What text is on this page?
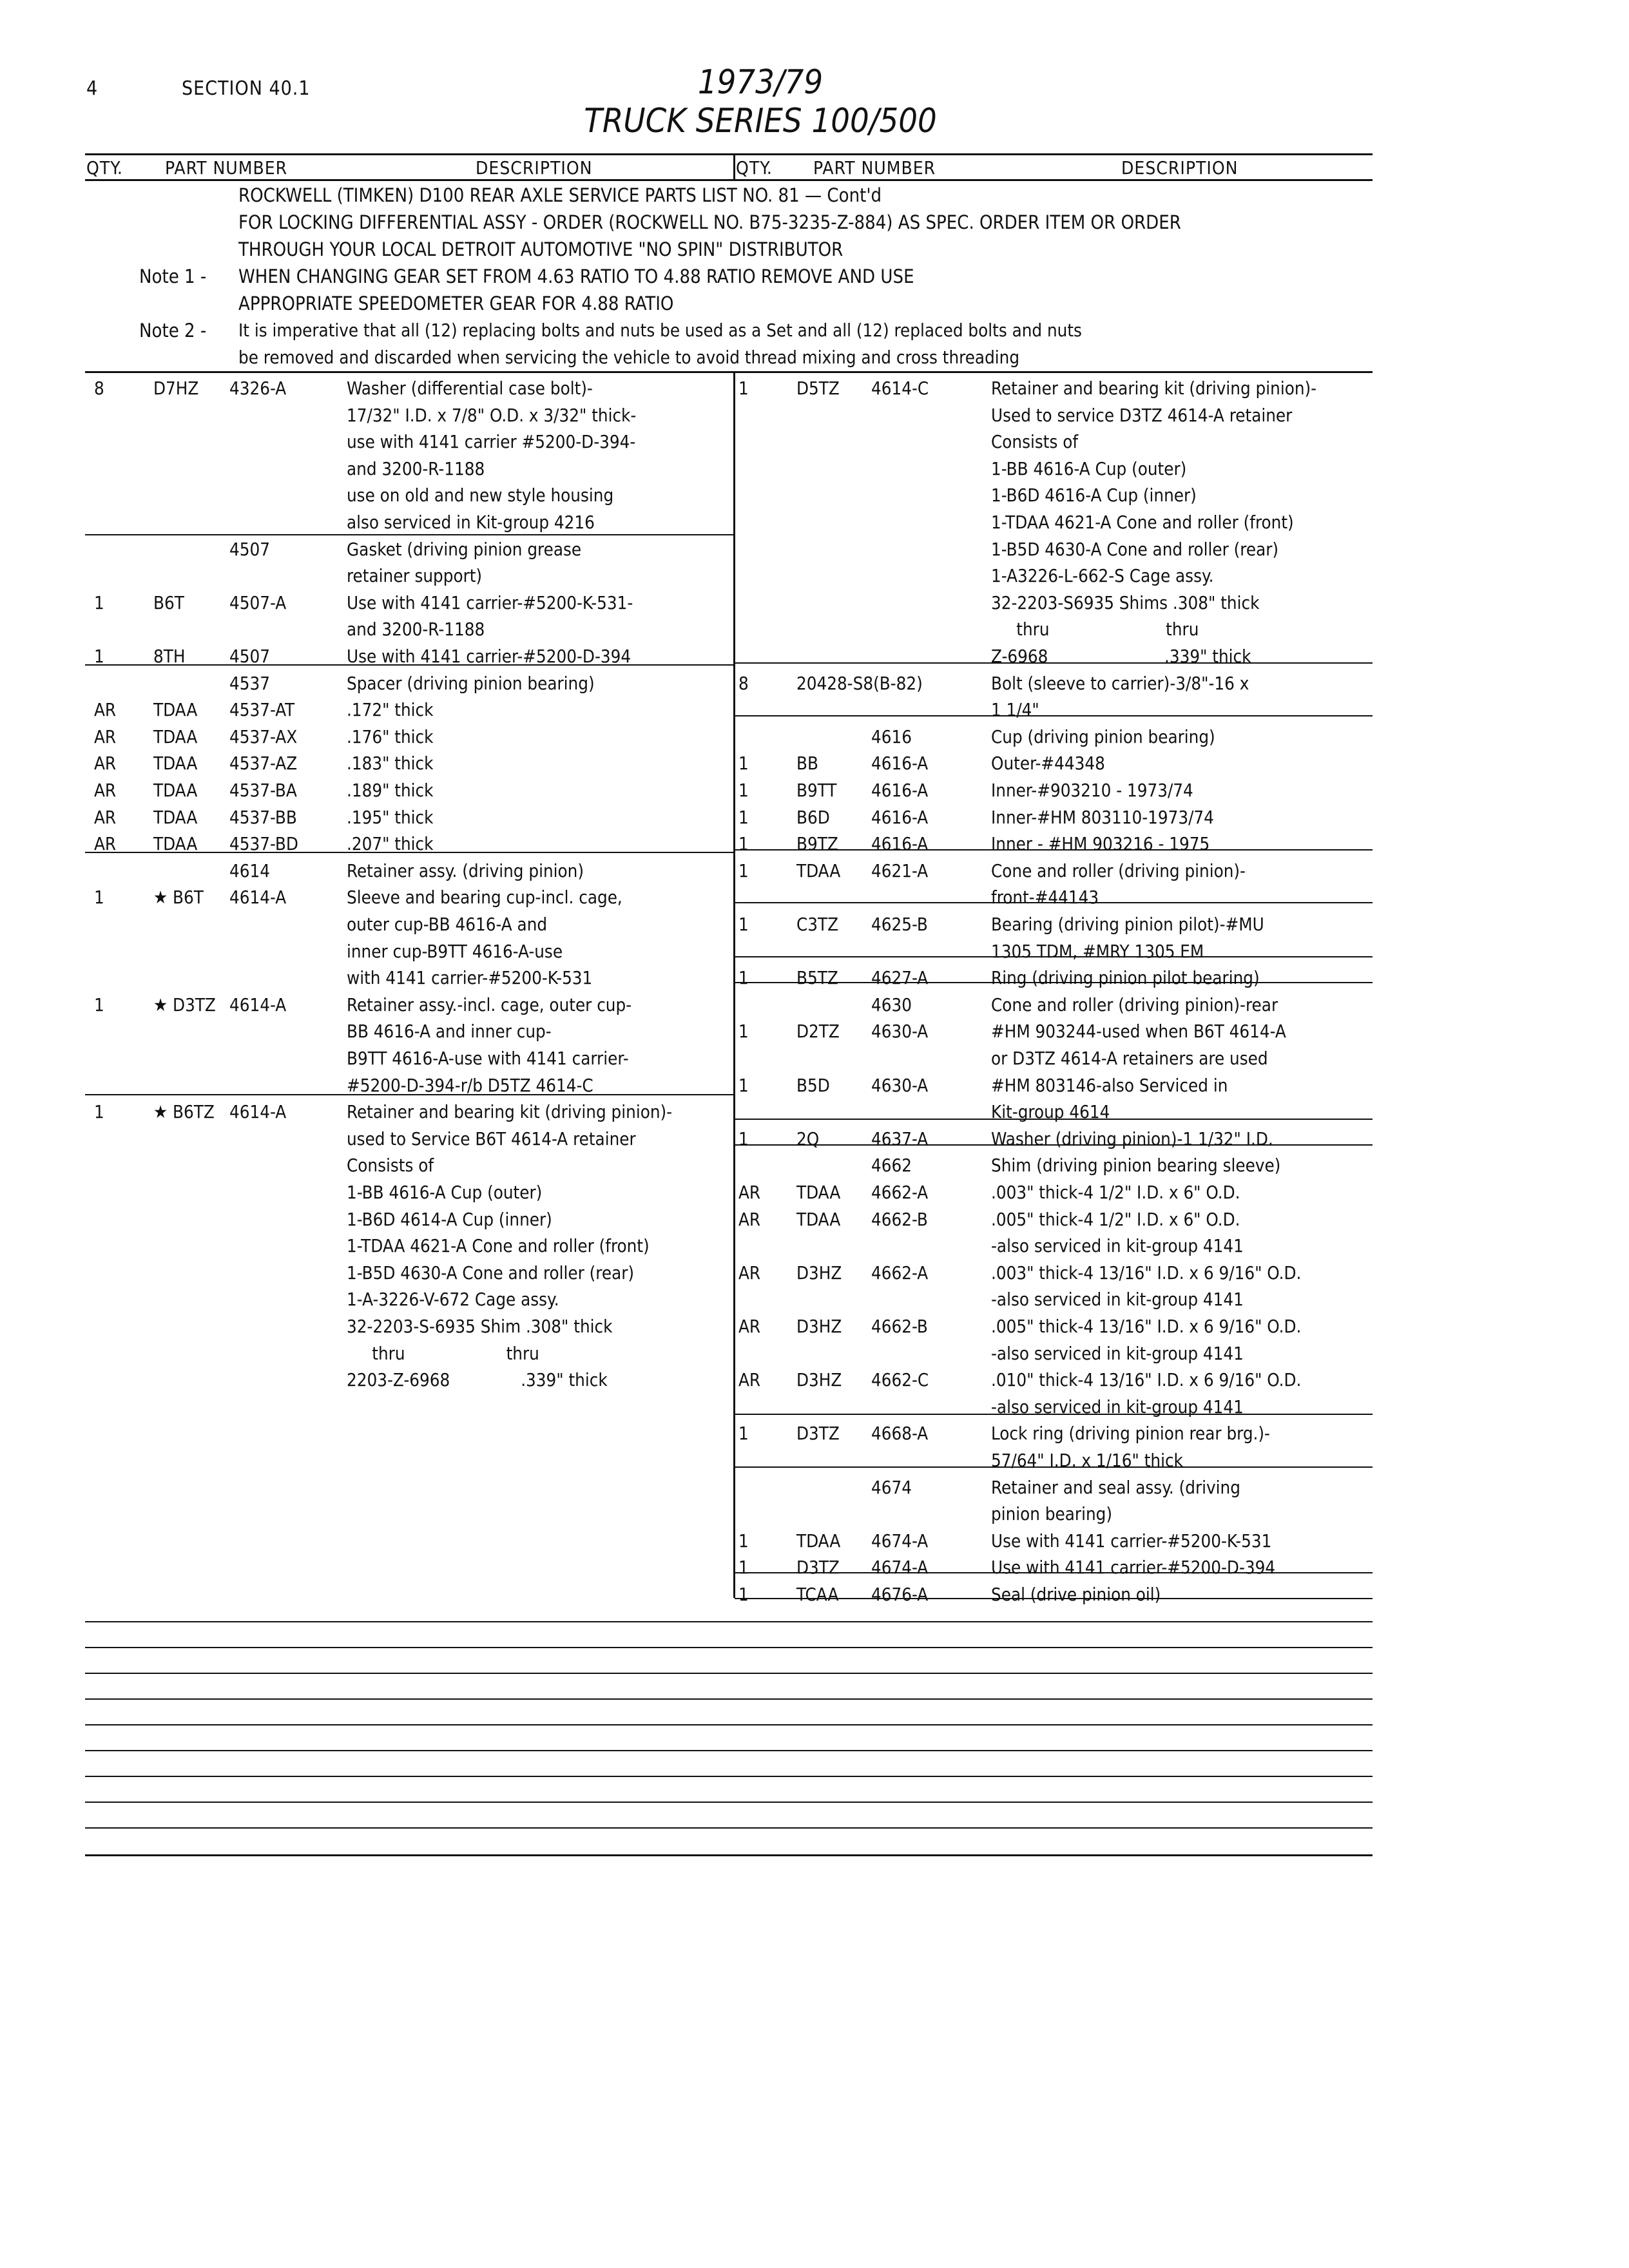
4	SECTION 40.1	1973/79
TRUCK SERIES 100/500
QTY. PART NUMBER	DESCRIPTION	QTY. PART NUMBER	DESCRIPTION
ROCKWELL (TIMKEN) D100 REAR AXLE SERVICE PARTS LIST NO. 81 — Cont'd
FOR LOCKING DIFFERENTIAL ASSY - ORDER (ROCKWELL NO. B75-3235-Z-884) AS SPEC. ORDER ITEM OR ORDER
THROUGH YOUR LOCAL DETROIT AUTOMOTIVE "NO SPIN" DISTRIBUTOR
Note 1 - WHEN CHANGING GEAR SET FROM 4.63 RATIO TO 4.88 RATIO REMOVE AND USE
APPROPRIATE SPEEDOMETER GEAR FOR 4.88 RATIO
Note 2 - It is imperative that all (12) replacing bolts and nuts be used as a Set and all (12) replaced bolts and nuts
be removed and discarded when servicing the vehicle to avoid thread mixing and cross threading
8	D7HZ 4326-A	Washer (differential case bolt)-
17/32" I.D. x 7/8" O.D. x 3/32" thick-
use with 4141 carrier #5200-D-394-
and 3200-R-1188
use on old and new style housing
also serviced in Kit-group 4216
4507	Gasket (driving pinion grease
retainer support)
1	B6T	4507-A	Use with 4141 carrier-#5200-K-531-
and 3200-R-1188
1	8TH 4507	Use with 4141 carrier-#5200-D-394
4537	Spacer (driving pinion bearing)
AR TDAA 4537-AT	.172" thick
AR TDAA 4537-AX	.176" thick
AR TDAA 4537-AZ	.183" thick
AR TDAA 4537-BA	.189" thick
AR TDAA 4537-BB	.195" thick
AR TDAA 4537-BD	.207" thick
4614	Retainer assy. (driving pinion)
1	★ B6T 4614-A	Sleeve and bearing cup-incl. cage,
outer cup-BB 4616-A and
inner cup-B9TT 4616-A-use
with 4141 carrier-#5200-K-531
1	★ D3TZ 4614-A	Retainer assy.-incl. cage, outer cup-
BB 4616-A and inner cup-
B9TT 4616-A-use with 4141 carrier-
#5200-D-394-r/b D5TZ 4614-C
1	★ B6TZ 4614-A	Retainer and bearing kit (driving pinion)-
used to Service B6T 4614-A retainer
Consists of
1-BB 4616-A Cup (outer)
1-B6D 4614-A Cup (inner)
1-TDAA 4621-A Cone and roller (front)
1-B5D 4630-A Cone and roller (rear)
1-A-3226-V-672 Cage assy.
32-2203-S-6935 Shim .308" thick
thru                    thru
2203-Z-6968              .339" thick
1	D5TZ 4614-C	Retainer and bearing kit (driving pinion)-
Used to service D3TZ 4614-A retainer
Consists of
1-BB 4616-A Cup (outer)
1-B6D 4616-A Cup (inner)
1-TDAA 4621-A Cone and roller (front)
1-B5D 4630-A Cone and roller (rear)
1-A3226-L-662-S Cage assy.
32-2203-S6935 Shims .308" thick
thru                       thru
Z-6968                       .339" thick
8	20428-S8(B-82)	Bolt (sleeve to carrier)-3/8"-16 x
1 1/4"
4616	Cup (driving pinion bearing)
1	BB	4616-A	Outer-#44348
1	B9TT 4616-A	Inner-#903210 - 1973/74
1	B6D 4616-A	Inner-#HM 803110-1973/74
1	B9TZ 4616-A	Inner - #HM 903216 - 1975
1	TDAA 4621-A	Cone and roller (driving pinion)-
front-#44143
1	C3TZ 4625-B	Bearing (driving pinion pilot)-#MU
1305 TDM, #MRY 1305 EM
1	B5TZ 4627-A	Ring (driving pinion pilot bearing)
4630	Cone and roller (driving pinion)-rear
1	D2TZ 4630-A	#HM 903244-used when B6T 4614-A
or D3TZ 4614-A retainers are used
1	B5D 4630-A	#HM 803146-also Serviced in
Kit-group 4614
1	2Q	4637-A	Washer (driving pinion)-1 1/32" I.D.
4662	Shim (driving pinion bearing sleeve)
AR TDAA 4662-A	.003" thick-4 1/2" I.D. x 6" O.D.
AR TDAA 4662-B	.005" thick-4 1/2" I.D. x 6" O.D.
-also serviced in kit-group 4141
AR D3HZ 4662-A	.003" thick-4 13/16" I.D. x 6 9/16" O.D.
-also serviced in kit-group 4141
AR D3HZ 4662-B	.005" thick-4 13/16" I.D. x 6 9/16" O.D.
-also serviced in kit-group 4141
AR D3HZ 4662-C	.010" thick-4 13/16" I.D. x 6 9/16" O.D.
-also serviced in kit-group 4141
1	D3TZ 4668-A	Lock ring (driving pinion rear brg.)-
57/64" I.D. x 1/16" thick
4674	Retainer and seal assy. (driving
pinion bearing)
1	TDAA 4674-A	Use with 4141 carrier-#5200-K-531
1	D3TZ 4674-A	Use with 4141 carrier-#5200-D-394
1	TCAA 4676-A	Seal (drive pinion oil)
